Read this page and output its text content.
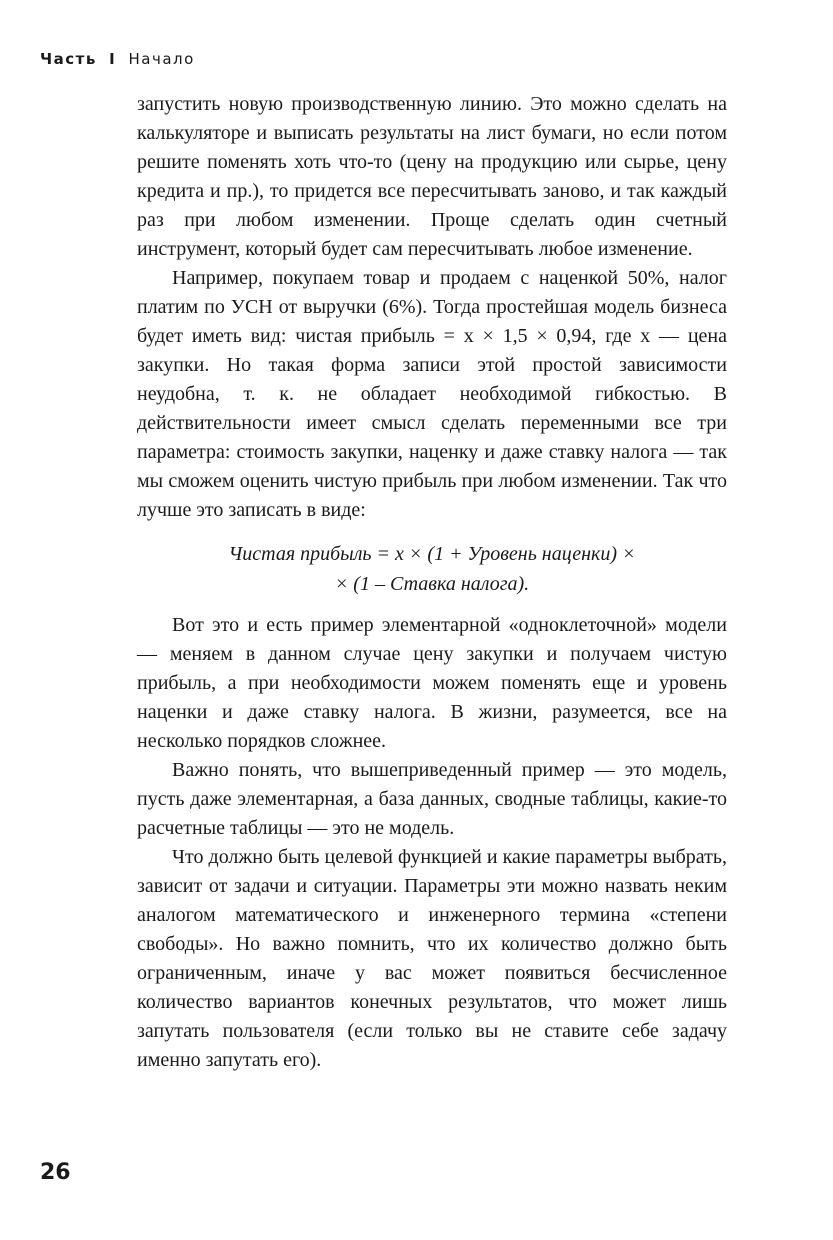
Часть I Начало

запустить новую производственную линию. Это можно сделать на калькуляторе и выписать результаты на лист бумаги, но если потом решите поменять хоть что-то (цену на продукцию или сырье, цену кредита и пр.), то придется все пересчитывать заново, и так каждый раз при любом изменении. Проще сделать один счетный инструмент, который будет сам пересчитывать любое изменение.

Например, покупаем товар и продаем с наценкой 50%, налог платим по УСН от выручки (6%). Тогда простейшая модель бизнеса будет иметь вид: чистая прибыль = x × 1,5 × 0,94, где x — цена закупки. Но такая форма записи этой простой зависимости неудобна, т. к. не обладает необходимой гибкостью. В действительности имеет смысл сделать переменными все три параметра: стоимость закупки, наценку и даже ставку налога — так мы сможем оценить чистую прибыль при любом изменении. Так что лучше это записать в виде:

Чистая прибыль = x × (1 + Уровень наценки) ×
× (1 – Ставка налога).

Вот это и есть пример элементарной «одноклеточной» модели — меняем в данном случае цену закупки и получаем чистую прибыль, а при необходимости можем поменять еще и уровень наценки и даже ставку налога. В жизни, разумеется, все на несколько порядков сложнее.

Важно понять, что вышеприведенный пример — это модель, пусть даже элементарная, а база данных, сводные таблицы, какие-то расчетные таблицы — это не модель.

Что должно быть целевой функцией и какие параметры выбрать, зависит от задачи и ситуации. Параметры эти можно назвать неким аналогом математического и инженерного термина «степени свободы». Но важно помнить, что их количество должно быть ограниченным, иначе у вас может появиться бесчисленное количество вариантов конечных результатов, что может лишь запутать пользователя (если только вы не ставите себе задачу именно запутать его).

26
